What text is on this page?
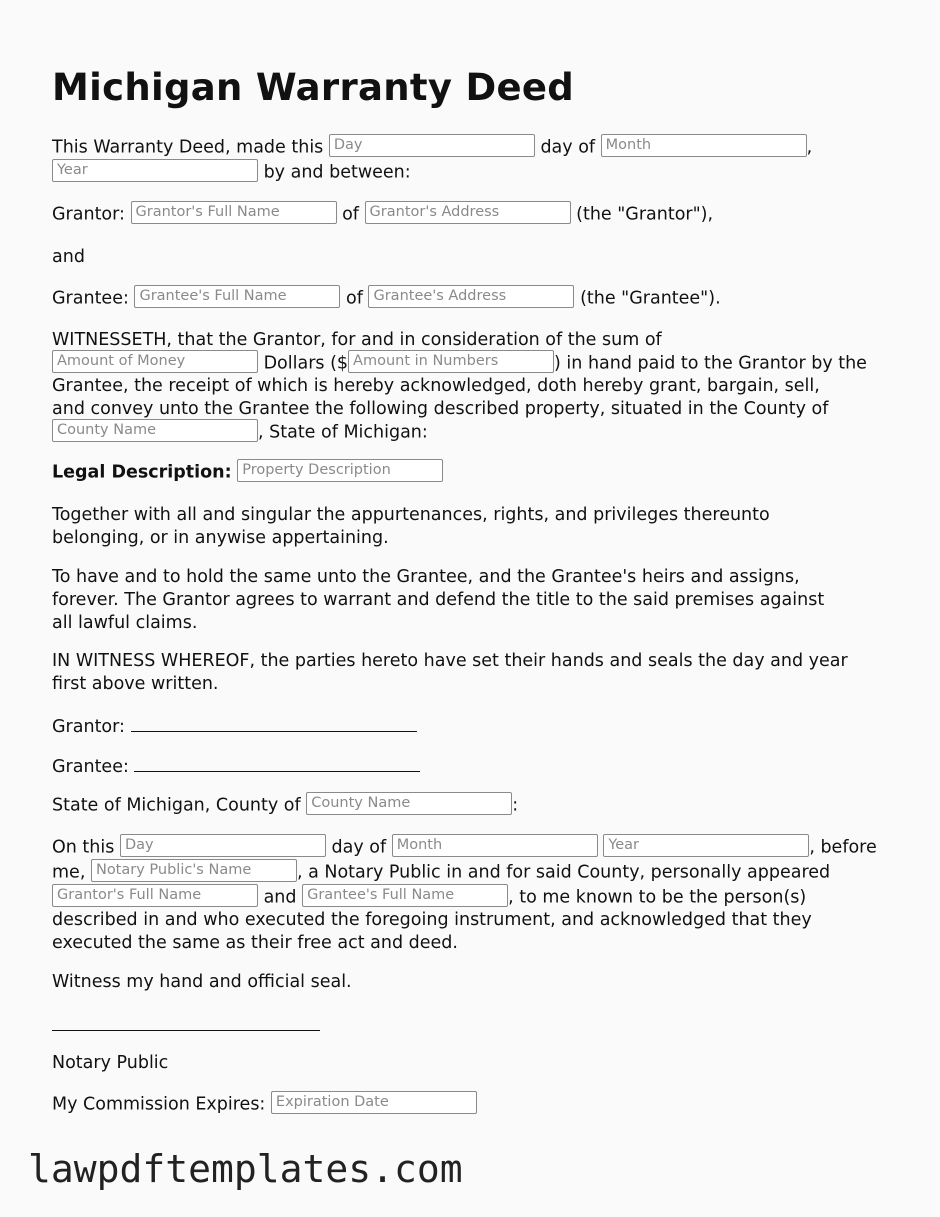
Michigan Warranty Deed
This Warranty Deed, made this Day	day of Month	,
Year	by and between:
Grantor: Grantor's Full Name	of Grantor's Address	(the "Grantor"),
and
Grantee: Grantee's Full Name	of Grantee's Address	(the "Grantee").
WITNESSETH, that the Grantor, for and in consideration of the sum of
Amount of Money	Dollars ($ Amount in Numbers	) in hand paid to the Grantor by the
Grantee, the receipt of which is hereby acknowledged, doth hereby grant, bargain, sell,
and convey unto the Grantee the following described property, situated in the County of
County Name	, State of Michigan:
Legal Description: Property Description
Together with all and singular the appurtenances, rights, and privileges thereunto
belonging, or in anywise appertaining.
To have and to hold the same unto the Grantee, and the Grantee's heirs and assigns,
forever. The Grantor agrees to warrant and defend the title to the said premises against
all lawful claims.
IN WITNESS WHEREOF, the parties hereto have set their hands and seals the day and year
first above written.
Grantor:
Grantee:
State of Michigan, County of County Name	:
On this Day	day of Month	Year	, before
me, Notary Public's Name	, a Notary Public in and for said County, personally appeared
Grantor's Full Name	and Grantee's Full Name	, to me known to be the person(s)
described in and who executed the foregoing instrument, and acknowledged that they
executed the same as their free act and deed.
Witness my hand and official seal.
Notary Public
My Commission Expires: Expiration Date
lawpdftemplates.com
